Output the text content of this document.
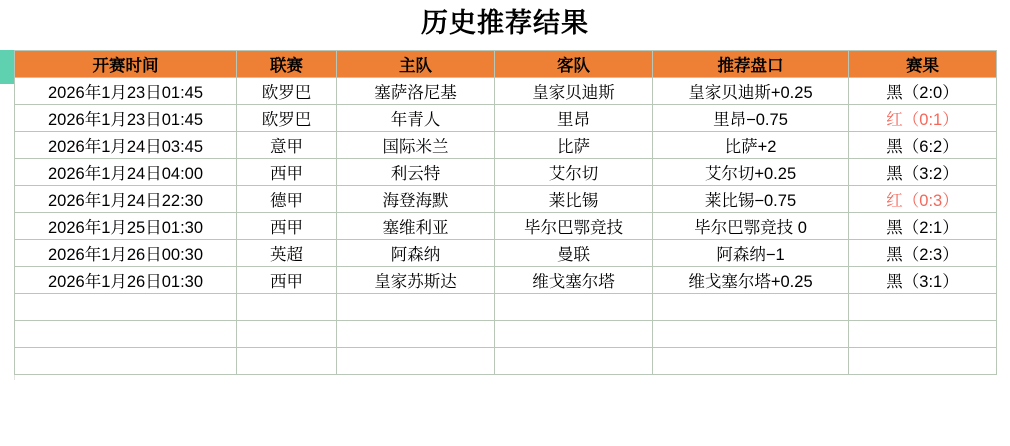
历史推荐结果
开赛时间	联赛	主队	客队	推荐盘口	赛果
2026年1月23日01:45	欧罗巴	塞萨洛尼基	皇家贝迪斯	皇家贝迪斯+0.25	黑（2:0）
2026年1月23日01:45	欧罗巴	年青人	里昂	里昂−0.75	红（0:1）
2026年1月24日03:45	意甲	国际米兰	比萨	比萨+2	黑（6:2）
2026年1月24日04:00	西甲	利云特	艾尔切	艾尔切+0.25	黑（3:2）
2026年1月24日22:30	德甲	海登海默	莱比锡	莱比锡−0.75	红（0:3）
2026年1月25日01:30	西甲	塞维利亚	毕尔巴鄂竞技	毕尔巴鄂竞技 0	黑（2:1）
2026年1月26日00:30	英超	阿森纳	曼联	阿森纳−1	黑（2:3）
2026年1月26日01:30	西甲	皇家苏斯达	维戈塞尔塔	维戈塞尔塔+0.25	黑（3:1）
